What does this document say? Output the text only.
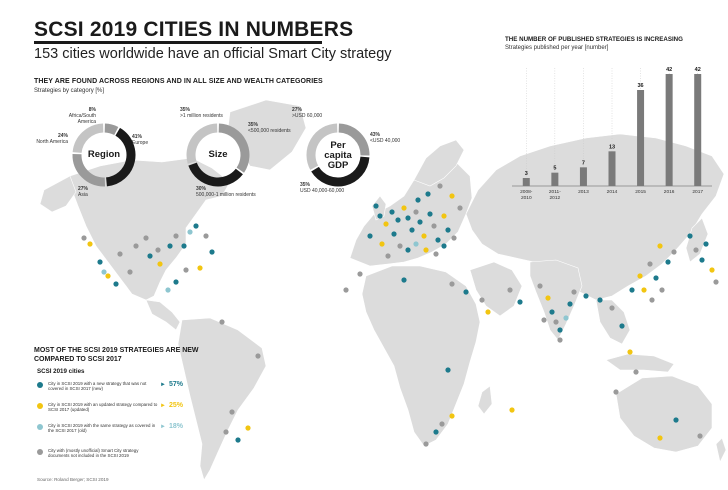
SCSI 2019 CITIES IN NUMBERS
153 cities worldwide have an official Smart City strategy
THEY ARE FOUND ACROSS REGIONS AND IN ALL SIZE AND WEALTH CATEGORIES
Strategies by category [%]
8%
Africa/South America
41%
Europe
27%
Asia
24%
North America
Region
35%
>1 million residents
35%
<500,000 residents
30%
500,000-1 million residents
Size
27%
>USD 60,000
43%
<USD 40,000
35%
USD 40,000-60,000
Per capita GDP
THE NUMBER OF PUBLISHED STRATEGIES IS INCREASING
Strategies published per year [number]
3
2008-
2010
5
2011-
2012
7
2013
13
2014
36
2015
42
2016
42
2017
MOST OF THE SCSI 2019 STRATEGIES ARE NEW COMPARED TO SCSI 2017
SCSI 2019 cities
City in SCSI 2019 with a new strategy that was not covered in SCSI 2017 (new)
► 57%
City in SCSI 2019 with an updated strategy compared to SCSI 2017 (updated)
► 25%
City in SCSI 2019 with the same strategy as covered in the SCSI 2017 (old)
► 18%
City with (mostly unofficial) Smart City strategy documents not included in the SCSI 2019
Source: Roland Berger; SCSI 2019
